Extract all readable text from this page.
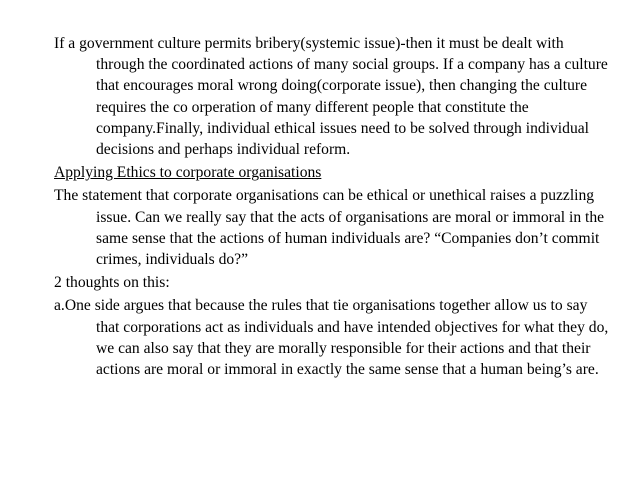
If a government culture permits bribery(systemic issue)-then it must be dealt with through the coordinated actions of many social groups. If a company has a culture that encourages moral wrong doing(corporate issue), then changing the culture requires the co orperation of many different people that constitute the company.Finally, individual ethical issues need to be solved through individual decisions and perhaps individual reform.

Applying Ethics to corporate organisations

The statement that corporate organisations can be ethical or unethical raises a puzzling issue. Can we really say that the acts of organisations are moral or immoral in the same sense that the actions of human individuals are? “Companies don’t commit crimes, individuals do?”

2 thoughts on this:

a.One side argues that because the rules that tie organisations together allow us to say that corporations act as individuals and have intended objectives for what they do, we can also say that they are morally responsible for their actions and that their actions are moral or immoral in exactly the same sense that a human being’s are.
